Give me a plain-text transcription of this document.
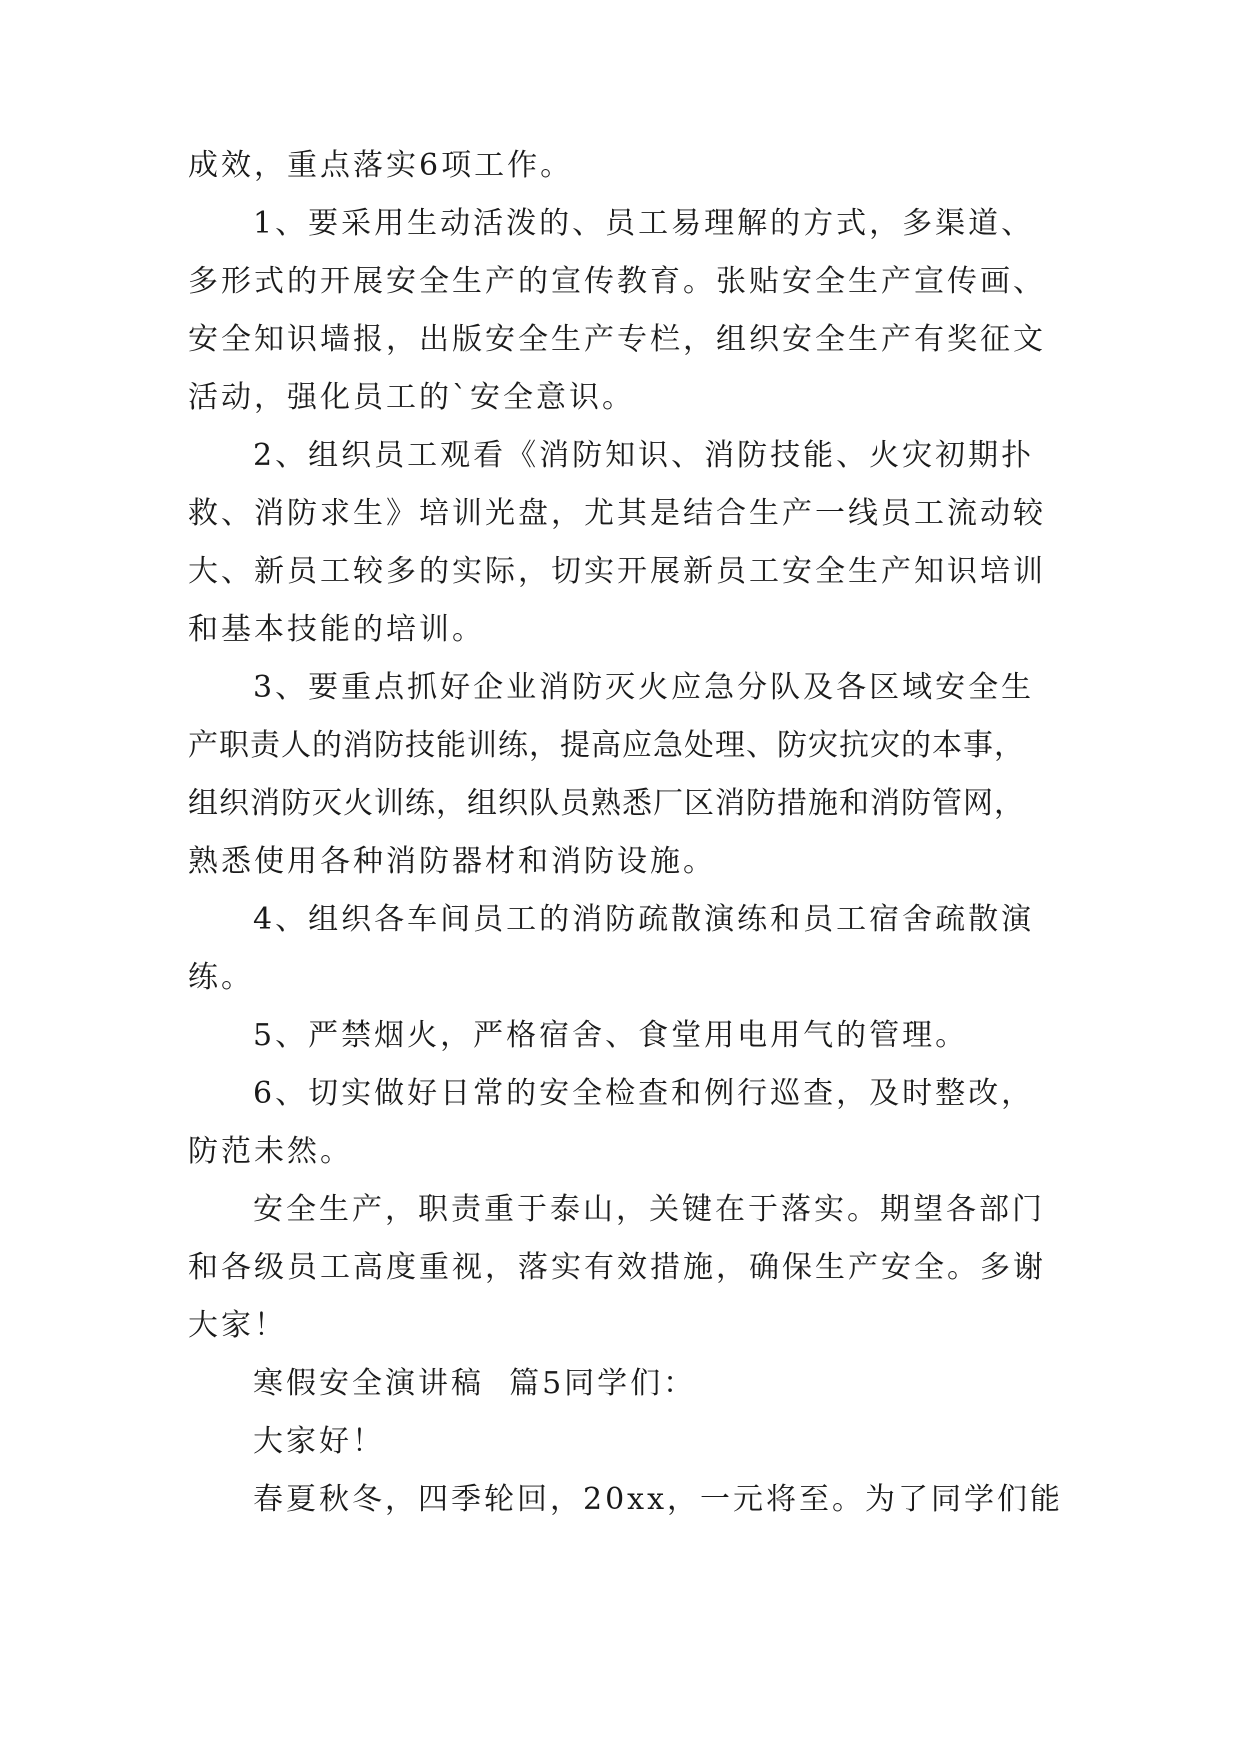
成效，重点落实6项工作。
1、要采用生动活泼的、员工易理解的方式，多渠道、
多形式的开展安全生产的宣传教育。张贴安全生产宣传画、
安全知识墙报，出版安全生产专栏，组织安全生产有奖征文
活动，强化员工的`安全意识。
2、组织员工观看《消防知识、消防技能、火灾初期扑
救、消防求生》培训光盘，尤其是结合生产一线员工流动较
大、新员工较多的实际，切实开展新员工安全生产知识培训
和基本技能的培训。
3、要重点抓好企业消防灭火应急分队及各区域安全生
产职责人的消防技能训练，提高应急处理、防灾抗灾的本事，
组织消防灭火训练，组织队员熟悉厂区消防措施和消防管网，
熟悉使用各种消防器材和消防设施。
4、组织各车间员工的消防疏散演练和员工宿舍疏散演
练。
5、严禁烟火，严格宿舍、食堂用电用气的管理。
6、切实做好日常的安全检查和例行巡查，及时整改，
防范未然。
安全生产，职责重于泰山，关键在于落实。期望各部门
和各级员工高度重视，落实有效措施，确保生产安全。多谢
大家！
寒假安全演讲稿  篇5同学们：
大家好！
春夏秋冬，四季轮回，20xx，一元将至。为了同学们能
